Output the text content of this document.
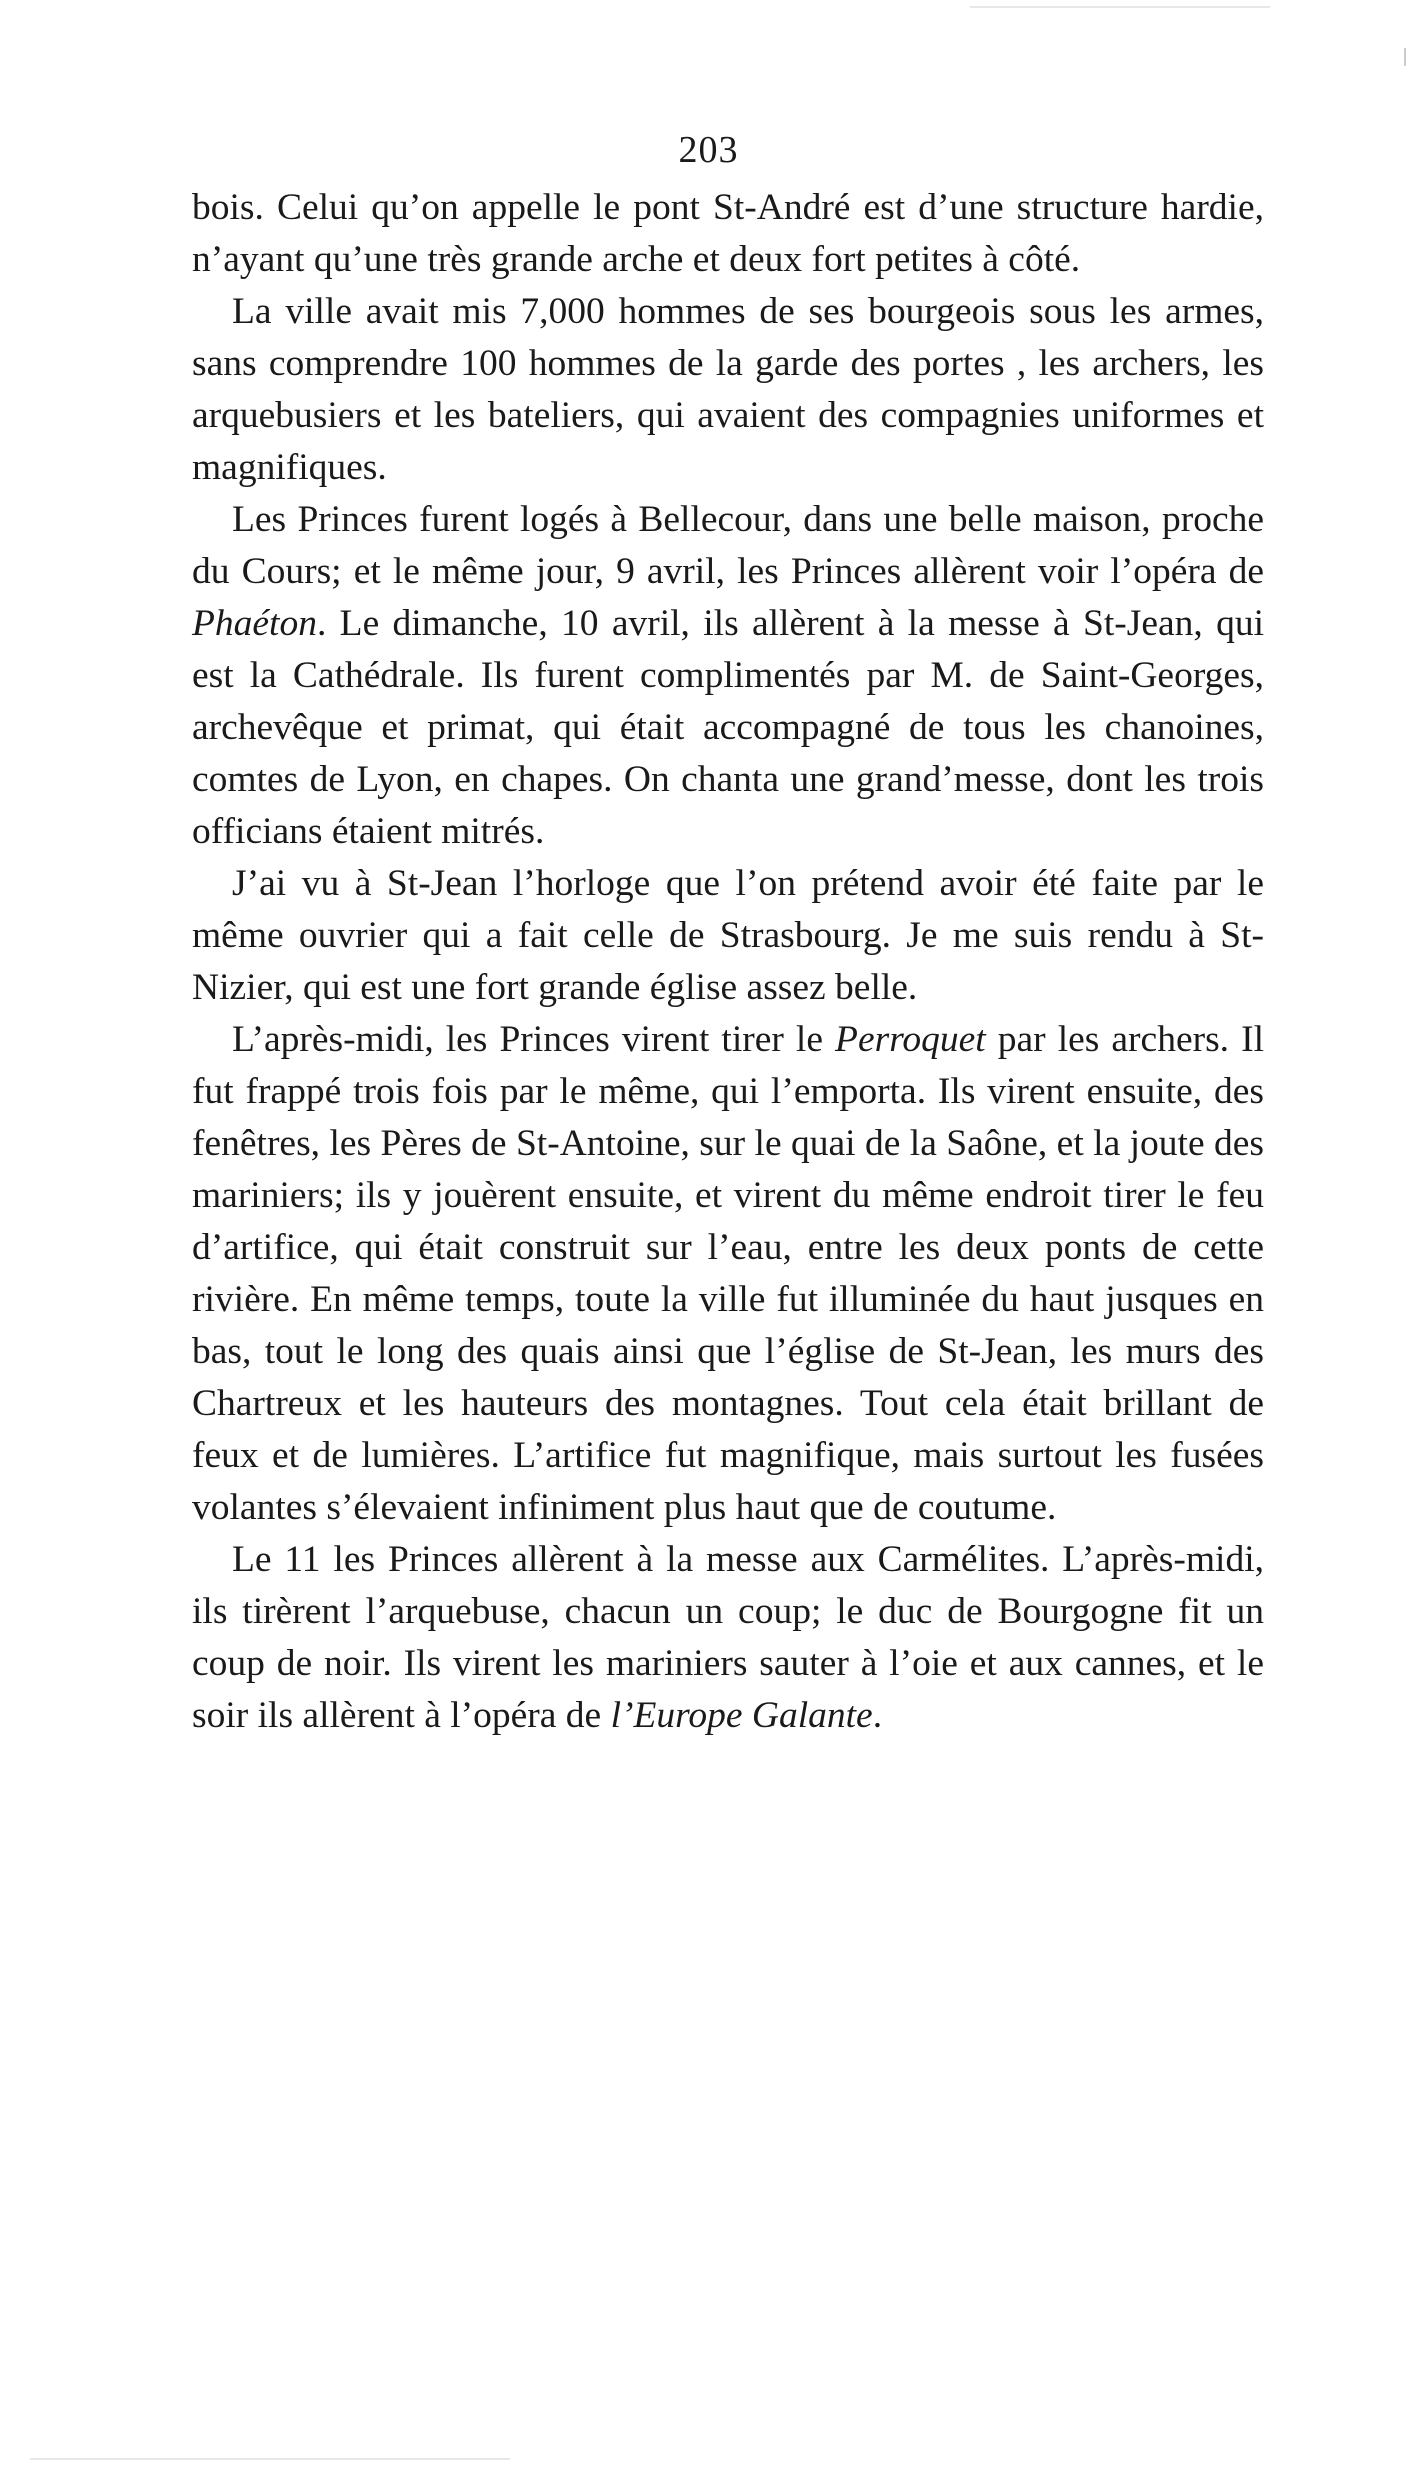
203

bois. Celui qu’on appelle le pont St-André est d’une structure hardie, n’ayant qu’une très grande arche et deux fort petites à côté.

La ville avait mis 7,000 hommes de ses bourgeois sous les armes, sans comprendre 100 hommes de la garde des portes , les archers, les arquebusiers et les bateliers, qui avaient des compagnies uniformes et magnifiques.

Les Princes furent logés à Bellecour, dans une belle maison, proche du Cours; et le même jour, 9 avril, les Princes allèrent voir l’opéra de Phaéton. Le dimanche, 10 avril, ils allèrent à la messe à St-Jean, qui est la Cathédrale. Ils furent complimentés par M. de Saint-Georges, archevêque et primat, qui était accompagné de tous les chanoines, comtes de Lyon, en chapes. On chanta une grand’messe, dont les trois officians étaient mitrés.

J’ai vu à St-Jean l’horloge que l’on prétend avoir été faite par le même ouvrier qui a fait celle de Strasbourg. Je me suis rendu à St-Nizier, qui est une fort grande église assez belle.

L’après-midi, les Princes virent tirer le Perroquet par les archers. Il fut frappé trois fois par le même, qui l’emporta. Ils virent ensuite, des fenêtres, les Pères de St-Antoine, sur le quai de la Saône, et la joute des mariniers; ils y jouèrent ensuite, et virent du même endroit tirer le feu d’artifice, qui était construit sur l’eau, entre les deux ponts de cette rivière. En même temps, toute la ville fut illuminée du haut jusques en bas, tout le long des quais ainsi que l’église de St-Jean, les murs des Chartreux et les hauteurs des montagnes. Tout cela était brillant de feux et de lumières. L’artifice fut magnifique, mais surtout les fusées volantes s’élevaient infiniment plus haut que de coutume.

Le 11 les Princes allèrent à la messe aux Carmélites. L’après-midi, ils tirèrent l’arquebuse, chacun un coup; le duc de Bourgogne fit un coup de noir. Ils virent les mariniers sauter à l’oie et aux cannes, et le soir ils allèrent à l’opéra de l’Europe Galante.
